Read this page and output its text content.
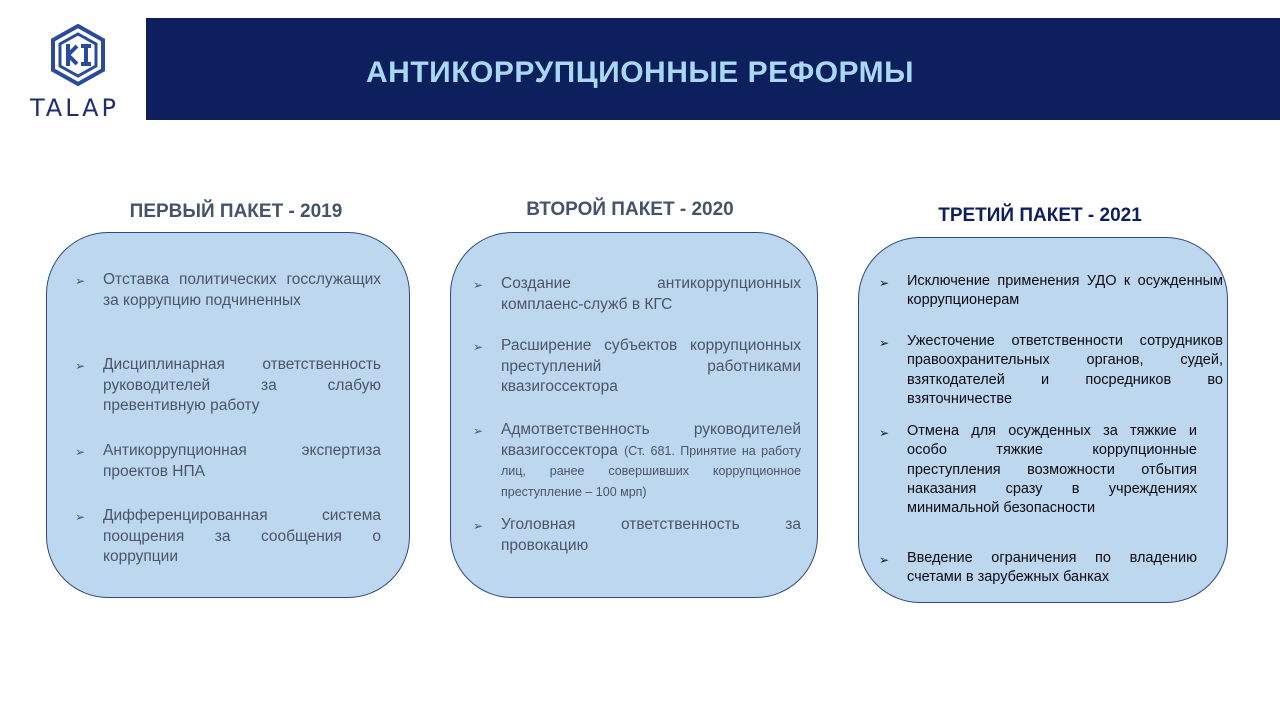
TALAP
АНТИКОРРУПЦИОННЫЕ РЕФОРМЫ
ПЕРВЫЙ ПАКЕТ - 2019
➢ Отставка политических госслужащих за коррупцию подчиненных
➢ Дисциплинарная ответственность руководителей за слабую превентивную работу
➢ Антикоррупционная экспертиза проектов НПА
➢ Дифференцированная система поощрения за сообщения о коррупции
ВТОРОЙ ПАКЕТ - 2020
➢ Создание антикоррупционных комплаенс-служб в КГС
➢ Расширение субъектов коррупционных преступлений работниками квазигоссектора
➢ Адмответственность руководителей квазигоссектора (Ст. 681. Принятие на работу лиц, ранее совершивших коррупционное преступление – 100 мрп)
➢ Уголовная ответственность за провокацию
ТРЕТИЙ ПАКЕТ - 2021
➢ Исключение применения УДО к осужденным коррупционерам
➢ Ужесточение ответственности сотрудников правоохранительных органов, судей, взяткодателей и посредников во взяточничестве
➢ Отмена для осужденных за тяжкие и особо тяжкие коррупционные преступления возможности отбытия наказания сразу в учреждениях минимальной безопасности
➢ Введение ограничения по владению счетами в зарубежных банках
